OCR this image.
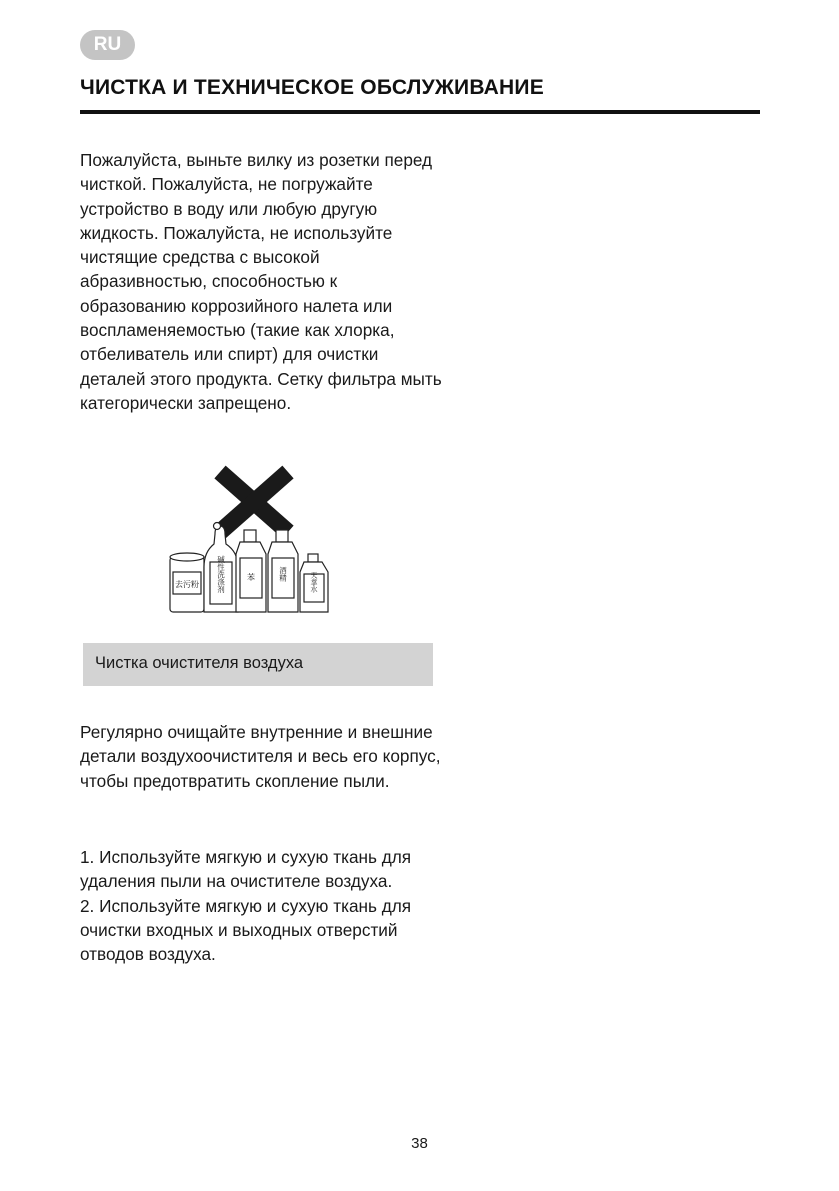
RU
ЧИСТКА И ТЕХНИЧЕСКОЕ ОБСЛУЖИВАНИЕ

Пожалуйста, выньте вилку из розетки перед чисткой. Пожалуйста, не погружайте устройство в воду или любую другую жидкость. Пожалуйста, не используйте чистящие средства с высокой абразивностью, способностью к образованию коррозийного налета или воспламеняемостью (такие как хлорка, отбеливатель или спирт) для очистки деталей этого продукта. Сетку фильтра мыть категорически запрещено.

去污粉 碱性洗涤剂	苯	酒精	天拿水
Чистка очистителя воздуха

Регулярно очищайте внутренние и внешние детали воздухоочистителя и весь его корпус, чтобы предотвратить скопление пыли.

1. Используйте мягкую и сухую ткань для удаления пыли на очистителе воздуха.
2. Используйте мягкую и сухую ткань для очистки входных и выходных отверстий отводов воздуха.
38
